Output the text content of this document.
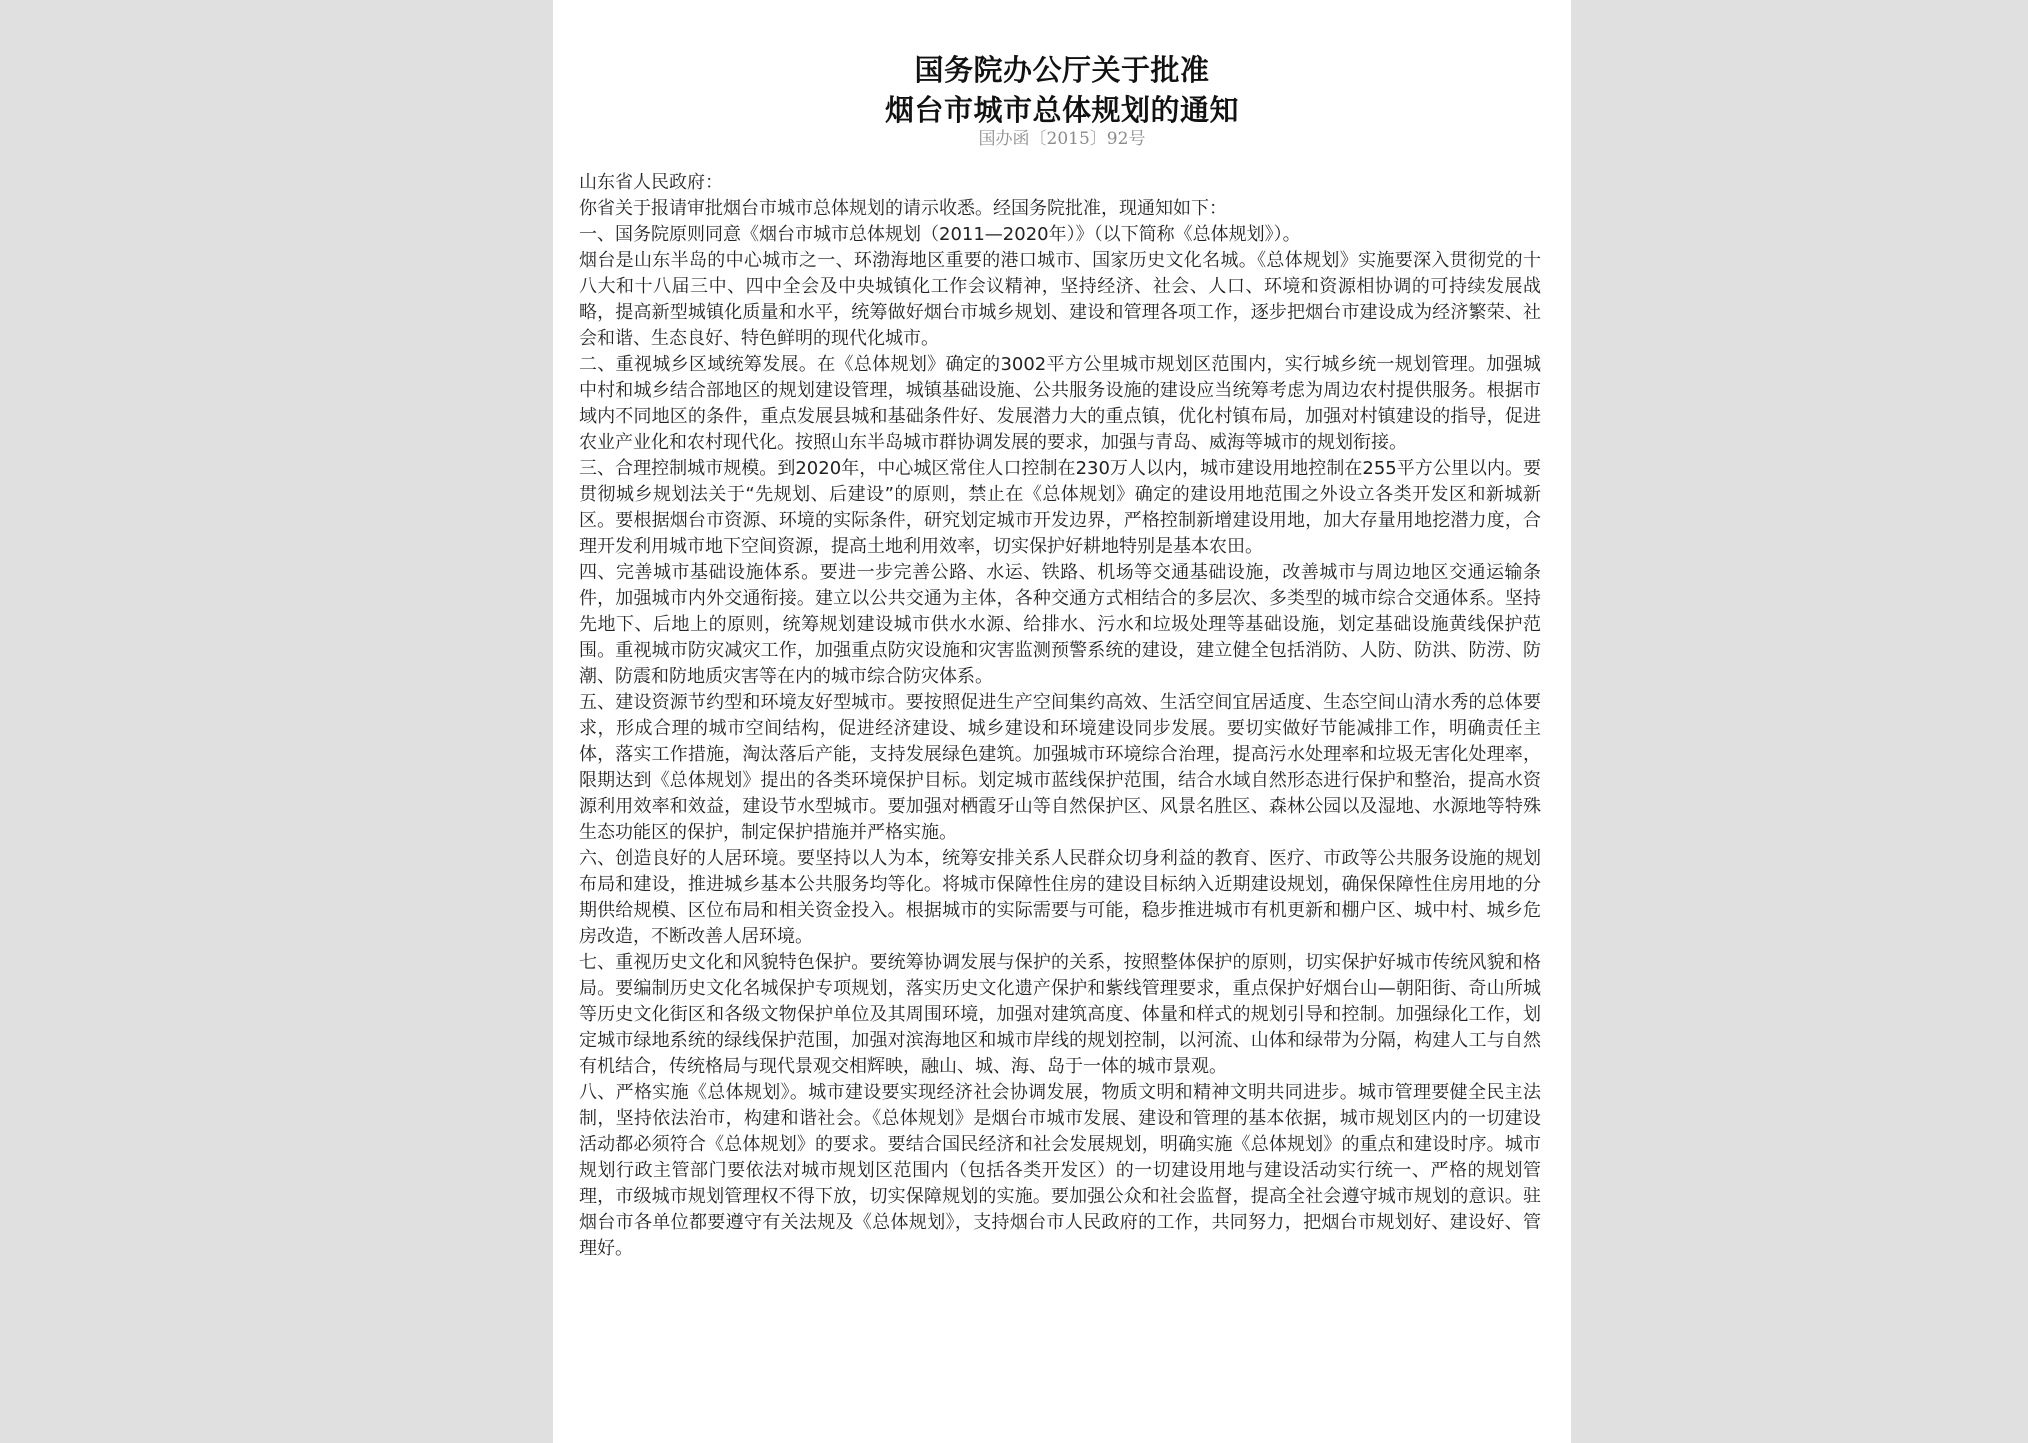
国务院办公厅关于批准
烟台市城市总体规划的通知
国办函〔2015〕92号

山东省人民政府：

你省关于报请审批烟台市城市总体规划的请示收悉。经国务院批准，现通知如下：

一、国务院原则同意《烟台市城市总体规划（2011—2020年）》（以下简称《总体规划》）。

烟台是山东半岛的中心城市之一、环渤海地区重要的港口城市、国家历史文化名城。《总体规划》实施要深入贯彻党的十八大和十八届三中、四中全会及中央城镇化工作会议精神，坚持经济、社会、人口、环境和资源相协调的可持续发展战略，提高新型城镇化质量和水平，统筹做好烟台市城乡规划、建设和管理各项工作，逐步把烟台市建设成为经济繁荣、社会和谐、生态良好、特色鲜明的现代化城市。

二、重视城乡区域统筹发展。在《总体规划》确定的3002平方公里城市规划区范围内，实行城乡统一规划管理。加强城中村和城乡结合部地区的规划建设管理，城镇基础设施、公共服务设施的建设应当统筹考虑为周边农村提供服务。根据市域内不同地区的条件，重点发展县城和基础条件好、发展潜力大的重点镇，优化村镇布局，加强对村镇建设的指导，促进农业产业化和农村现代化。按照山东半岛城市群协调发展的要求，加强与青岛、威海等城市的规划衔接。

三、合理控制城市规模。到2020年，中心城区常住人口控制在230万人以内，城市建设用地控制在255平方公里以内。要贯彻城乡规划法关于“先规划、后建设”的原则，禁止在《总体规划》确定的建设用地范围之外设立各类开发区和新城新区。要根据烟台市资源、环境的实际条件，研究划定城市开发边界，严格控制新增建设用地，加大存量用地挖潜力度，合理开发利用城市地下空间资源，提高土地利用效率，切实保护好耕地特别是基本农田。

四、完善城市基础设施体系。要进一步完善公路、水运、铁路、机场等交通基础设施，改善城市与周边地区交通运输条件，加强城市内外交通衔接。建立以公共交通为主体，各种交通方式相结合的多层次、多类型的城市综合交通体系。坚持先地下、后地上的原则，统筹规划建设城市供水水源、给排水、污水和垃圾处理等基础设施，划定基础设施黄线保护范围。重视城市防灾减灾工作，加强重点防灾设施和灾害监测预警系统的建设，建立健全包括消防、人防、防洪、防涝、防潮、防震和防地质灾害等在内的城市综合防灾体系。

五、建设资源节约型和环境友好型城市。要按照促进生产空间集约高效、生活空间宜居适度、生态空间山清水秀的总体要求，形成合理的城市空间结构，促进经济建设、城乡建设和环境建设同步发展。要切实做好节能减排工作，明确责任主体，落实工作措施，淘汰落后产能，支持发展绿色建筑。加强城市环境综合治理，提高污水处理率和垃圾无害化处理率，限期达到《总体规划》提出的各类环境保护目标。划定城市蓝线保护范围，结合水域自然形态进行保护和整治，提高水资源利用效率和效益，建设节水型城市。要加强对栖霞牙山等自然保护区、风景名胜区、森林公园以及湿地、水源地等特殊生态功能区的保护，制定保护措施并严格实施。

六、创造良好的人居环境。要坚持以人为本，统筹安排关系人民群众切身利益的教育、医疗、市政等公共服务设施的规划布局和建设，推进城乡基本公共服务均等化。将城市保障性住房的建设目标纳入近期建设规划，确保保障性住房用地的分期供给规模、区位布局和相关资金投入。根据城市的实际需要与可能，稳步推进城市有机更新和棚户区、城中村、城乡危房改造，不断改善人居环境。

七、重视历史文化和风貌特色保护。要统筹协调发展与保护的关系，按照整体保护的原则，切实保护好城市传统风貌和格局。要编制历史文化名城保护专项规划，落实历史文化遗产保护和紫线管理要求，重点保护好烟台山—朝阳街、奇山所城等历史文化街区和各级文物保护单位及其周围环境，加强对建筑高度、体量和样式的规划引导和控制。加强绿化工作，划定城市绿地系统的绿线保护范围，加强对滨海地区和城市岸线的规划控制，以河流、山体和绿带为分隔，构建人工与自然有机结合，传统格局与现代景观交相辉映，融山、城、海、岛于一体的城市景观。

八、严格实施《总体规划》。城市建设要实现经济社会协调发展，物质文明和精神文明共同进步。城市管理要健全民主法制，坚持依法治市，构建和谐社会。《总体规划》是烟台市城市发展、建设和管理的基本依据，城市规划区内的一切建设活动都必须符合《总体规划》的要求。要结合国民经济和社会发展规划，明确实施《总体规划》的重点和建设时序。城市规划行政主管部门要依法对城市规划区范围内（包括各类开发区）的一切建设用地与建设活动实行统一、严格的规划管理，市级城市规划管理权不得下放，切实保障规划的实施。要加强公众和社会监督，提高全社会遵守城市规划的意识。驻烟台市各单位都要遵守有关法规及《总体规划》，支持烟台市人民政府的工作，共同努力，把烟台市规划好、建设好、管理好。
